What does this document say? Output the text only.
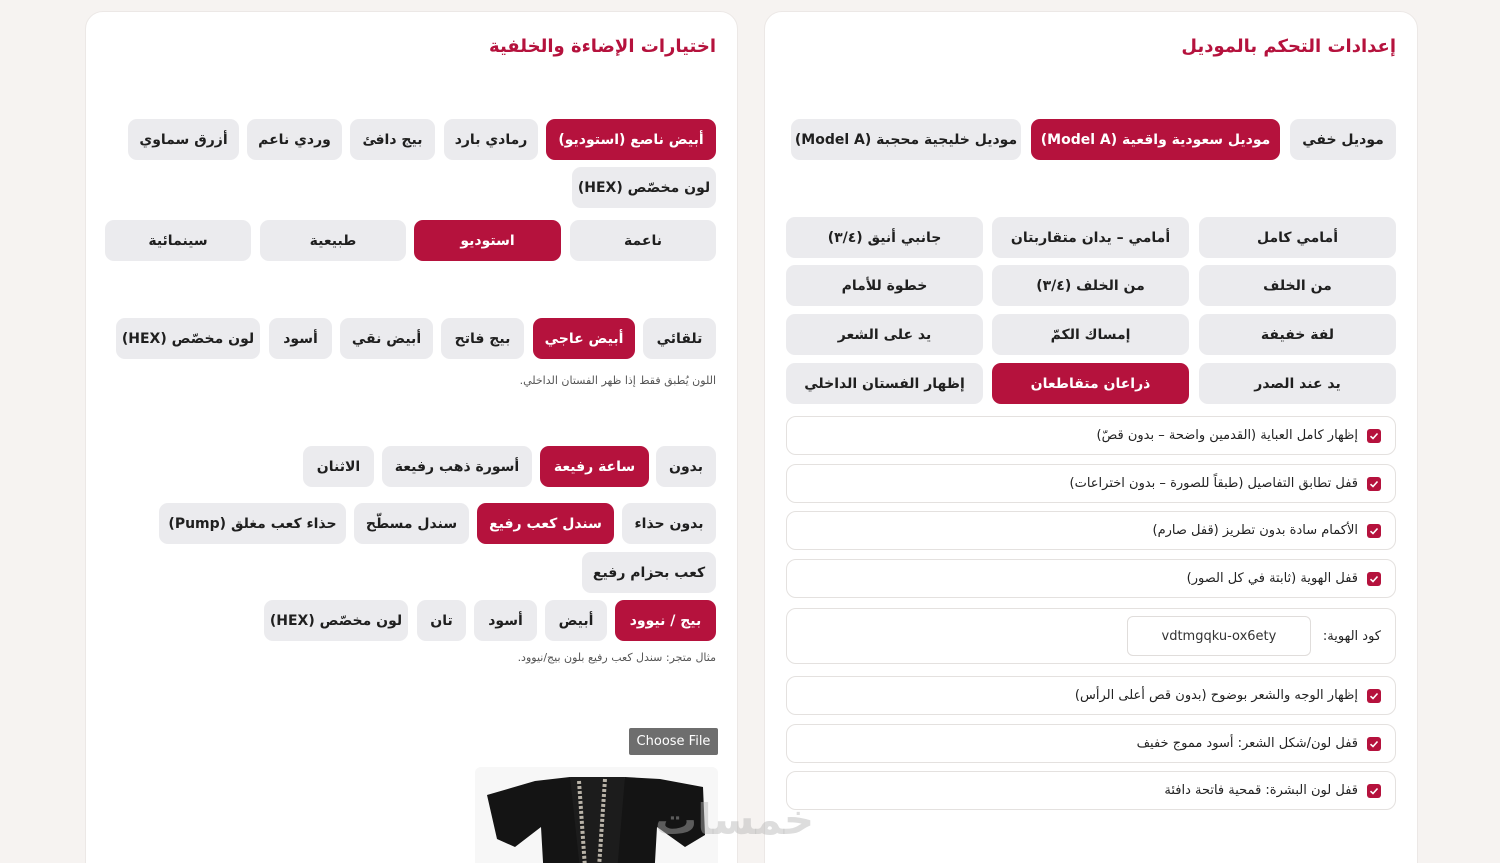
إعدادات التحكم بالموديل
موديل خفي
موديل سعودية واقعية (Model A)
موديل خليجية محجبة (Model A)
أمامي كامل
أمامي – يدان متقاربتان
جانبي أنيق (٣/٤)
من الخلف
من الخلف (٣/٤)
خطوة للأمام
لفة خفيفة
إمساك الكمّ
يد على الشعر
يد عند الصدر
ذراعان متقاطعان
إظهار الفستان الداخلي
إظهار كامل العباية (القدمين واضحة – بدون قصّ)
قفل تطابق التفاصيل (طبقاً للصورة – بدون اختراعات)
الأكمام سادة بدون تطريز (قفل صارم)
قفل الهوية (ثابتة في كل الصور)
كود الهوية:
vdtmgqku-ox6ety
إظهار الوجه والشعر بوضوح (بدون قص أعلى الرأس)
قفل لون/شكل الشعر: أسود مموج خفيف
قفل لون البشرة: قمحية فاتحة دافئة
اختيارات الإضاءة والخلفية
أبيض ناصع (استوديو)
رمادي بارد
بيج دافئ
وردي ناعم
أزرق سماوي
لون مخصّص (HEX)
ناعمة
استوديو
طبيعية
سينمائية
تلقائي
أبيض عاجي
بيج فاتح
أبيض نقي
أسود
لون مخصّص (HEX)
اللون يُطبق فقط إذا ظهر الفستان الداخلي.
بدون
ساعة رفيعة
أسورة ذهب رفيعة
الاثنان
بدون حذاء
سندل كعب رفيع
سندل مسطّح
حذاء كعب مغلق (Pump)
كعب بحزام رفيع
بيج / نيوود
أبيض
أسود
تان
لون مخصّص (HEX)
مثال متجر: سندل كعب رفيع بلون بيج/نيوود.
Choose File
خمسات
